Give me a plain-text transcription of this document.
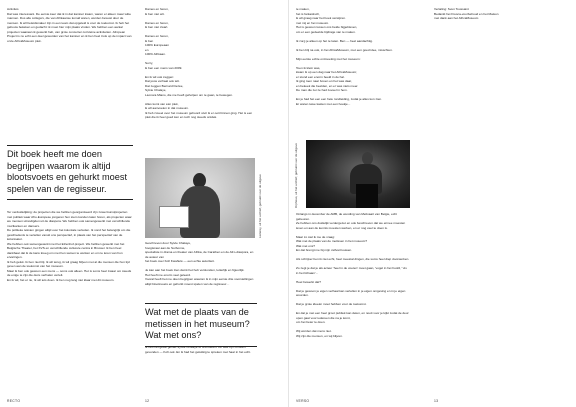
Activités
Dat was interessant. De eerste keer dat ik in dat kantoor kwam, waren er alleen maar witte mannen. Dus alle collega's, die van Afrikaanse komaf waren, werden bewust door de mensen. Ik wil beleidsmaker zijn in een team dat opgeleid is voor de toekomst. Ik heb het gebouw bekeken en gedacht: ik moet hier mijn plaats vinden. We hebben een aantal projecten waaraan ik gewerkt heb, van grote concerten tot kleine activiteiten. Afropean Project is nu echt een deel geworden van het kantoor en ik ben heel trots op de impact van onze AfricaMuseum plek.
Dit boek heeft me doen begrijpen waarom ik altijd blootsvoets en gehurkt moest spelen van de regisseur.
Ter verduidelijking: de projecten die we hebben georganiseerd zijn zowel kunstprojecten met publiek waar Afro-Europese jongeren hun stem konden laten horen, als projecten waar we mensen uitnodigden uit de diaspora. We hebben ook samengewerkt met verschillende muzikanten en dansers.
De politieke teksten gingen altijd over het koloniale verleden. Ik vond het belangrijk om die geschiedenis te vertellen vanuit ons perspectief, in plaats van het perspectief van de kolonisator.
We hebben ook samengewerkt met het Elzenhof-project. We hebben gewerkt met het Belgische Theater, het KVS en verschillende culturele centra in Brussel. Ik ben heel dankbaar dat ik de kans kreeg om met hen samen te werken en om te leren van hun ervaringen.
Ik heb geluk. Ik ben niet blij. Ik wil terug, ik wil graag blijven met al die mensen die hun tijd geven aan de toekomst van het museum.
Maar ik ben ook gewoon een mens — soms ook alleen. Het is soms heel zwaar om steeds de enige te zijn die deze verhalen vertelt.
En ik wil, het er nu, Ik wil iets doen. Ik ben nog lang niet klaar met dit museum.
Dames en heren,
ik ben niet wit.

Dames en heren,
ik ben niet zwart.

Dames en heren,
ik ben
100% Europeaan
en
100% Afrikaan.

Sorry,
ik ben een mens van 2009.

En ik wil ook zeggen:
Dat jouw verhaal ook telt.
Dat zeggen Bernard Dezée,
Sylvie Chalaye,
Léonora Miano, die me heeft geholpen om te gaan, te bewegen.

Alles komt van één plek,
ik wil aanvoelen in dat museum.
Ik heb zoveel over het museum gehoord vóór ik er ooit binnen ging. Het is een plek die ik heel goed ken en toch nog steeds ontdek.
Lieterey, uit het archief, gebruikt voor de uitgave
Geschreven door Sylvie Chalaye,
hoogleraar aan de Sorbonne,
specialiste in drama en theater van Afrika, de Caraïben en de Afro-diaspora, en de auteur van
het boek over Kofi Kwahulé — een echte autoriteit.

Je kan aan het boek zien dat ik het heb verslonden, letterlijk en figuurlijk.
Het heeft me enorm veel geleerd.
Vooral heeft het me doen begrijpen waarom ik in mijn eerste drie voorstellingen
altijd blootsvoets en gehurkt moest spelen van de regisseur…
Wat met de plaats van de metissen in het museum? Wat met ons?
Ik heb het geluk gehad Sylvie Chalaye te ontmoeten. Ze was zijn minsten gevonden — Kofi ook. En ik had het gelukkig te spreken met haar in het echt.
RECTO	12
te maken,
het is fantastisch,
ik wil graag naar het boek verwijzen.
met mij en het museum.
Het is gewoon tussen ons beide bijgebleven,
om er een gedeelde bijdrage van te maken.

Ik zorg je alleen op het te laten. Ben — heel aandachtig.

Ik ben blij na ook, in het AfricaMuseum, met een goed idee, misschien.

Mijn eerste echte ontmoeting met het museum:

Toen ik klein was,
kwam ik op een dag naar het AfricaMuseum;
er stond een enorm beeld in de hal.
Ik ging toen naar boven en het was daar,
en bekeek die beelden, en er was niets meer.
De man die zei ze had zoveel in hem.

En je had het een een hele rondleiding, zodat je alles kon zien.
Er waren twee kasten met een hoekje...
Orpheus, uit het archief, gebruikt voor de uitgave
Onlangs in december de AMB, de wending van Meltvaart van Belgie, echt gebeuren.
Ze hebben ons duidelijk verdergezet en ook beschreven dat we ermee moesten leven en aan de kennis moesten werken, en er nog veel te doen is.

Maar zo stel ik me de vraag:
Wat met de plaats van de metissen in het museum?
Wat met ons?
En dat brengt me bij mijn zelfvertrouwen.

Als schrijver ben ik niet echt, heel meestal dingen, die soms heel diep doorwerken.

Zo zegt je dat je als acteur 'heel in de voeten' moet gaan, 'vogel in het hoofd,' 'vis in het lichaam'...

Heel bewerkt dat?

Dat je gewoon je eigen verhaal kan vertellen in je eigen omgeving en in je eigen woorden.

Dat je grote ideeën moet hebben voor de toekomst.

En dat je met een heel groot publiek kan delen, en nooit voor je kijkt zodat de deur open gaat voor iedereen die na je komt,
om het beter te doen.

Wij worden dat mens niet.
Wij zijn die mensen, en wij blijven.
Vertaling: Sven Toussaint
Bedankt het Fresca-voorbehoud en het Maison
met dank aan het AfricaMuseum
VERSO	13
